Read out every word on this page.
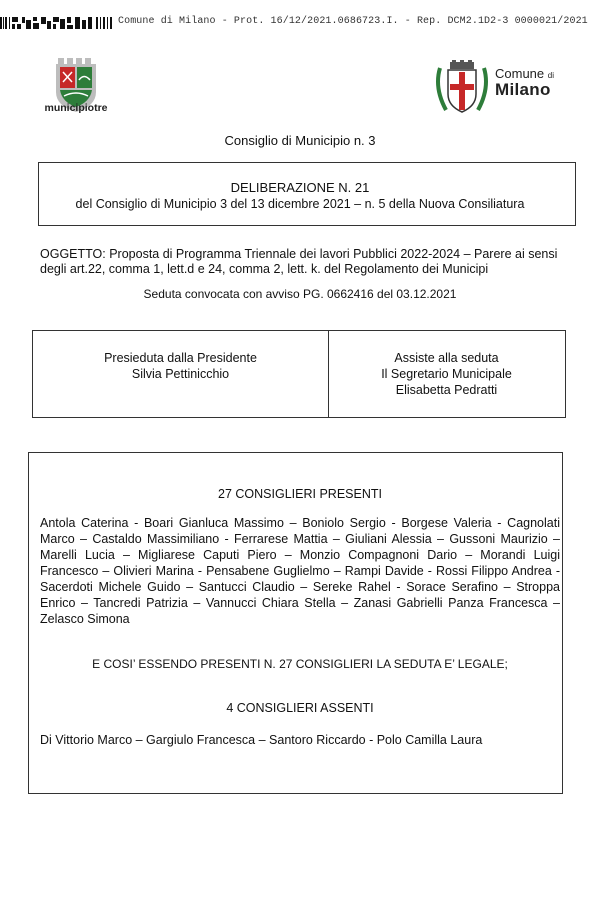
Comune di Milano - Prot. 16/12/2021.0686723.I. - Rep. DCM2.1D2-3 0000021/2021
municipiotre
Comune di
Milano
Consiglio di Municipio n. 3
DELIBERAZIONE N. 21
del Consiglio di Municipio 3 del 13 dicembre 2021 – n. 5 della Nuova Consiliatura
OGGETTO: Proposta di Programma Triennale dei lavori Pubblici 2022-2024 – Parere ai sensi degli art.22, comma 1, lett.d e 24, comma 2, lett. k. del Regolamento dei Municipi
Seduta convocata con avviso PG. 0662416 del 03.12.2021
Presieduta dalla Presidente
Silvia Pettinicchio
Assiste alla seduta
Il Segretario Municipale
Elisabetta Pedratti
27 CONSIGLIERI PRESENTI
Antola Caterina - Boari Gianluca Massimo – Boniolo Sergio - Borgese Valeria - Cagnolati Marco – Castaldo Massimiliano - Ferrarese Mattia – Giuliani Alessia – Gussoni Maurizio – Marelli Lucia – Migliarese Caputi Piero – Monzio Compagnoni Dario – Morandi Luigi Francesco – Olivieri Marina - Pensabene Guglielmo – Rampi Davide - Rossi Filippo Andrea - Sacerdoti Michele Guido – Santucci Claudio – Sereke Rahel - Sorace Serafino – Stroppa Enrico – Tancredi Patrizia – Vannucci Chiara Stella – Zanasi Gabrielli Panza Francesca – Zelasco Simona
E COSI’ ESSENDO PRESENTI N. 27 CONSIGLIERI LA SEDUTA E’ LEGALE;
4 CONSIGLIERI ASSENTI
Di Vittorio Marco – Gargiulo Francesca – Santoro Riccardo - Polo Camilla Laura
